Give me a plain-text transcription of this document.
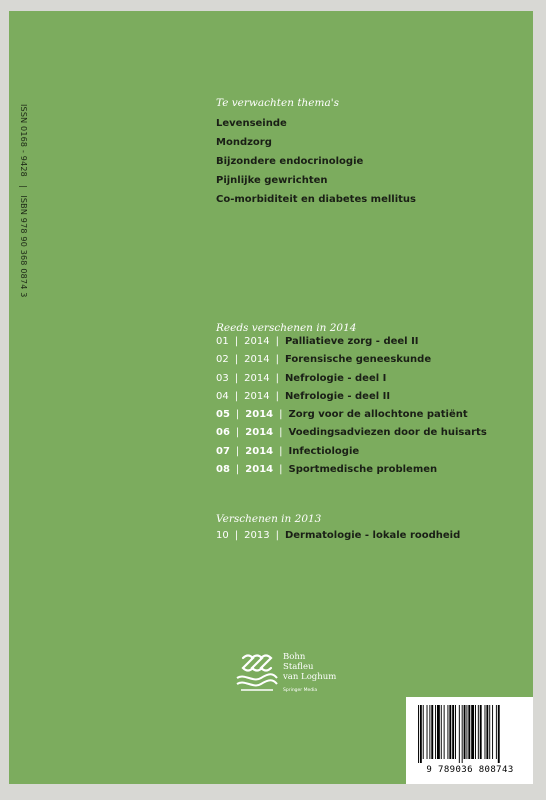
ISSN 0168 - 9428 | ISBN 978 90 368 0874 3
Te verwachten thema's
Levenseinde
Mondzorg
Bijzondere endocrinologie
Pijnlijke gewrichten
Co-morbiditeit en diabetes mellitus
Reeds verschenen in 2014
01 | 2014 | Palliatieve zorg - deel II
02 | 2014 | Forensische geneeskunde
03 | 2014 | Nefrologie - deel I
04 | 2014 | Nefrologie - deel II
05 | 2014 | Zorg voor de allochtone patiënt
06 | 2014 | Voedingsadviezen door de huisarts
07 | 2014 | Infectiologie
08 | 2014 | Sportmedische problemen
Verschenen in 2013
10 | 2013 | Dermatologie - lokale roodheid
Bohn
Stafleu
van Loghum
Springer Media
9 789036 808743
